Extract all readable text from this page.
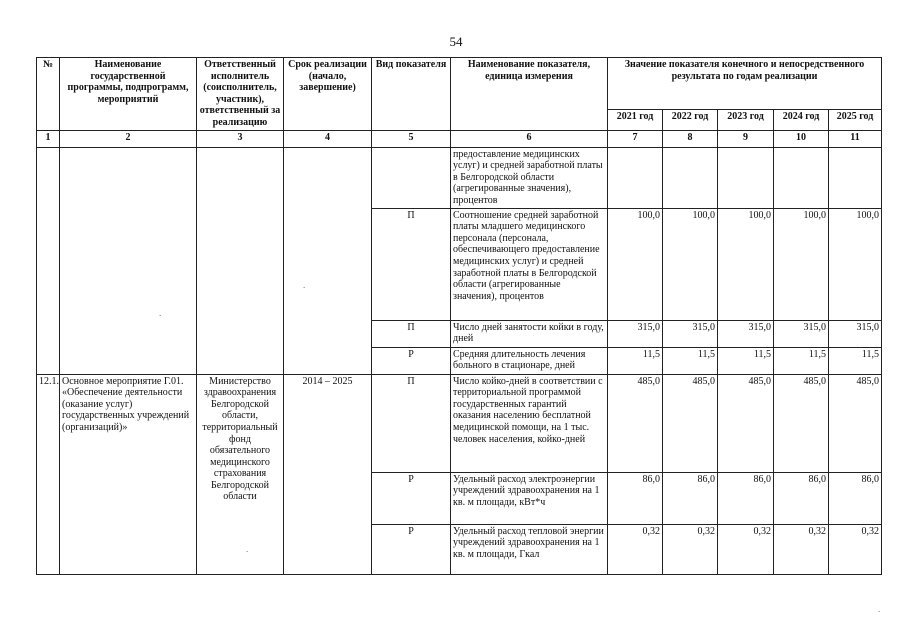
54
№	Наименование государственной программы, подпрограмм, мероприятий	Ответственный исполнитель (соисполнитель, участник), ответственный за реализацию	Срок реализации (начало, завершение)	Вид показателя	Наименование показателя, единица измерения	Значение показателя конечного и непосредственного результата по годам реализации				
						2021 год	2022 год	2023 год	2024 год	2025 год
1	2	3	4	5	6	7	8	9	10	11
					предоставление медицинских услуг) и средней заработной платы в Белгородской области (агрегированные значения), процентов					
				П	Соотношение средней заработной платы младшего медицинского персонала (персонала, обеспечивающего предоставление медицинских услуг) и средней заработной платы в Белгородской области (агрегированные значения), процентов	100,0	100,0	100,0	100,0	100,0
				П	Число дней занятости койки в году, дней	315,0	315,0	315,0	315,0	315,0
				Р	Средняя длительность лечения больного в стационаре, дней	11,5	11,5	11,5	11,5	11,5
12.1.	Основное мероприятие Г.01. «Обеспечение деятельности (оказание услуг) государственных учреждений (организаций)»	Министерство здравоохранения Белгородской области, территориальный фонд обязательного медицинского страхования Белгородской области	2014 – 2025	П	Число койко-дней в соответствии с территориальной программой государственных гарантий оказания населению бесплатной медицинской помощи, на 1 тыс. человек населения, койко-дней	485,0	485,0	485,0	485,0	485,0
				Р	Удельный расход электроэнергии учреждений здравоохранения на 1 кв. м площади, кВт*ч	86,0	86,0	86,0	86,0	86,0
				Р	Удельный расход тепловой энергии учреждений здравоохранения на 1 кв. м площади, Гкал	0,32	0,32	0,32	0,32	0,32
.
.
.
.
